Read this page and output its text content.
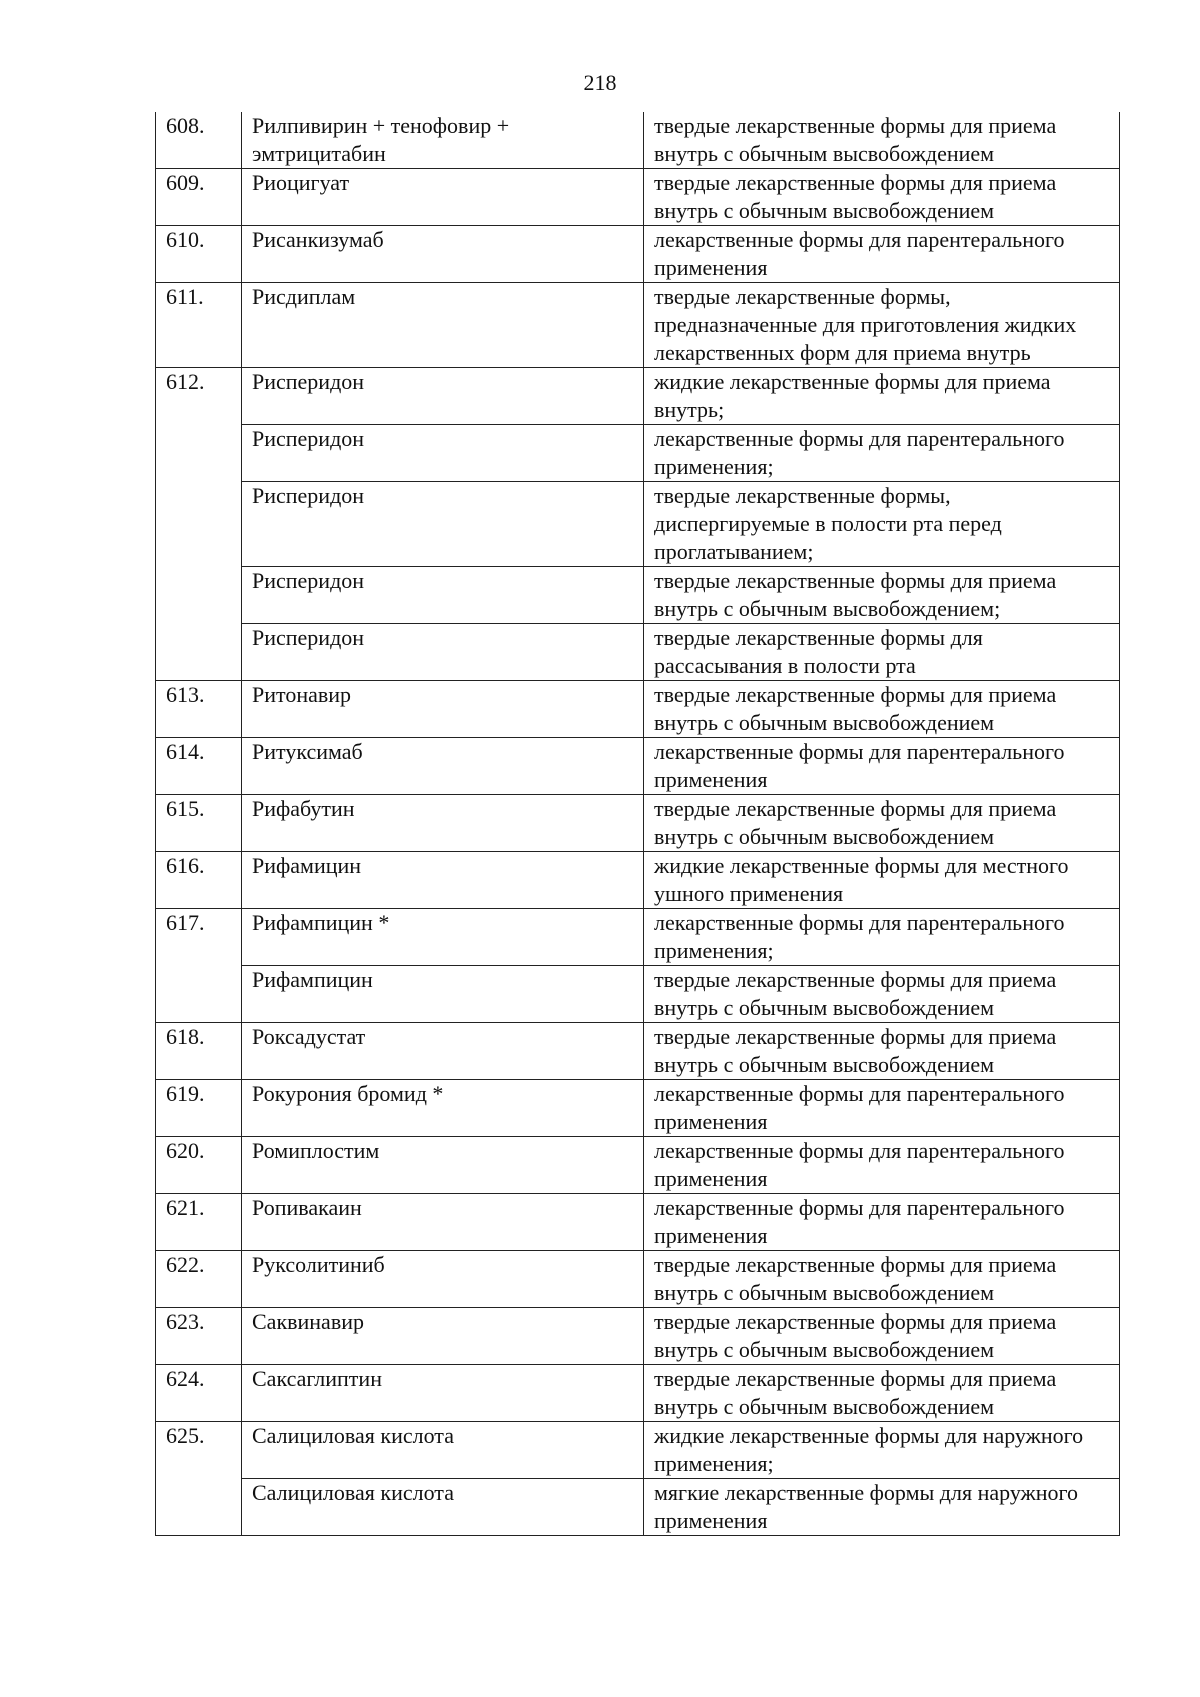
218
608.	Рилпивирин + тенофовир + эмтрицитабин	твердые лекарственные формы для приема внутрь с обычным высвобождением
609.	Риоцигуат	твердые лекарственные формы для приема внутрь с обычным высвобождением
610.	Рисанкизумаб	лекарственные формы для парентерального применения
611.	Рисдиплам	твердые лекарственные формы, предназначенные для приготовления жидких лекарственных форм для приема внутрь
612.	Рисперидон	жидкие лекарственные формы для приема внутрь;
	Рисперидон	лекарственные формы для парентерального применения;
	Рисперидон	твердые лекарственные формы, диспергируемые в полости рта перед проглатыванием;
	Рисперидон	твердые лекарственные формы для приема внутрь с обычным высвобождением;
	Рисперидон	твердые лекарственные формы для рассасывания в полости рта
613.	Ритонавир	твердые лекарственные формы для приема внутрь с обычным высвобождением
614.	Ритуксимаб	лекарственные формы для парентерального применения
615.	Рифабутин	твердые лекарственные формы для приема внутрь с обычным высвобождением
616.	Рифамицин	жидкие лекарственные формы для местного ушного применения
617.	Рифампицин *	лекарственные формы для парентерального применения;
	Рифампицин	твердые лекарственные формы для приема внутрь с обычным высвобождением
618.	Роксадустат	твердые лекарственные формы для приема внутрь с обычным высвобождением
619.	Рокурония бромид *	лекарственные формы для парентерального применения
620.	Ромиплостим	лекарственные формы для парентерального применения
621.	Ропивакаин	лекарственные формы для парентерального применения
622.	Руксолитиниб	твердые лекарственные формы для приема внутрь с обычным высвобождением
623.	Саквинавир	твердые лекарственные формы для приема внутрь с обычным высвобождением
624.	Саксаглиптин	твердые лекарственные формы для приема внутрь с обычным высвобождением
625.	Салициловая кислота	жидкие лекарственные формы для наружного применения;
	Салициловая кислота	мягкие лекарственные формы для наружного применения
